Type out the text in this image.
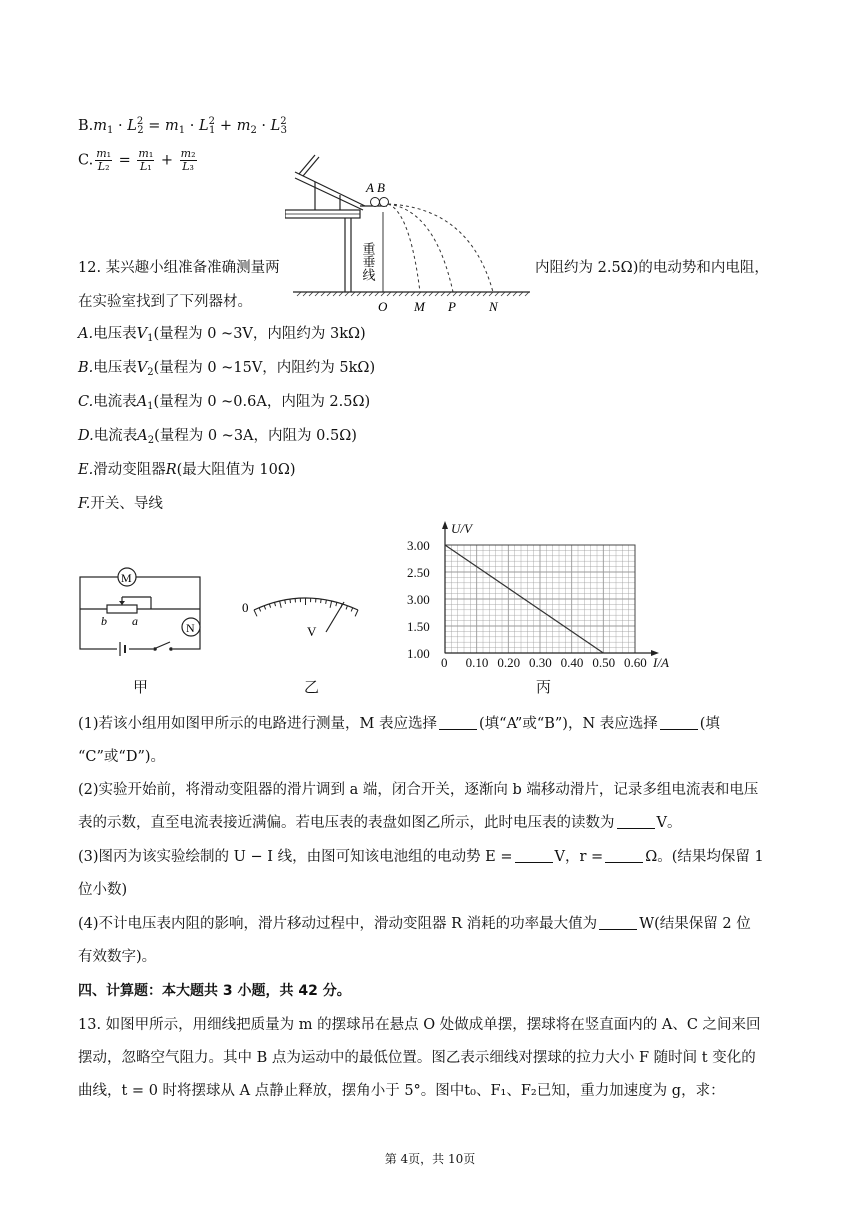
$B.m_1 \cdot L^2_2 = m_1 \cdot L^2_1 + m_2 \cdot L^2_3$
C. $\frac{\text{m₁}}{\text{L₂}} = \frac{\text{m₁}}{\text{L₁}} + \frac{\text{m₂}}{\text{L₃}}$
A B
重垂线
O M P	N
12. 某兴趣小组准备准确测量两	内阻约为 2.5Ω)的电动势和内电阻，
在实验室找到了下列器材。
A.电压表$V_1$(量程为 0 ~3V，内阻约为 3kΩ)
B.电压表$V_2$(量程为 0 ~15V，内阻约为 5kΩ)
C.电流表$A_1$(量程为 0 ~0.6A，内阻为 2.5Ω)
D.电流表$A_2$(量程为 0 ~3A，内阻为 0.5Ω)
E.滑动变阻器R(最大阻值为 10Ω)
F.开关、导线
M
b a	N
0
V
0 0.10 0.20 0.30 0.40 0.50 0.60
1.00
1.50
3.00
2.50
3.00
I/A
U/V
甲	乙	丙
(1)若该小组用如图甲所示的电路进行测量，M 表应选择	(填“A”或“B”)，N 表应选择	(填
“C”或“D”)。
(2)实验开始前，将滑动变阻器的滑片调到 a 端，闭合开关，逐渐向 b 端移动滑片，记录多组电流表和电压
表的示数，直至电流表接近满偏。若电压表的表盘如图乙所示，此时电压表的读数为	V。
(3)图丙为该实验绘制的 U − I 线，由图可知该电池组的电动势 E =	V，r =	Ω。(结果均保留 1
位小数)
(4)不计电压表内阻的影响，滑片移动过程中，滑动变阻器 R 消耗的功率最大值为	W(结果保留 2 位
有效数字)。
四、计算题：本大题共 3 小题，共 42 分。
13. 如图甲所示，用细线把质量为 m 的摆球吊在悬点 O 处做成单摆，摆球将在竖直面内的 A、C 之间来回
摆动，忽略空气阻力。其中 B 点为运动中的最低位置。图乙表示细线对摆球的拉力大小 F 随时间 t 变化的
曲线，t = 0 时将摆球从 A 点静止释放，摆角小于 5°。图中t₀、F₁、F₂已知，重力加速度为 g，求：
第 4页，共 10页
